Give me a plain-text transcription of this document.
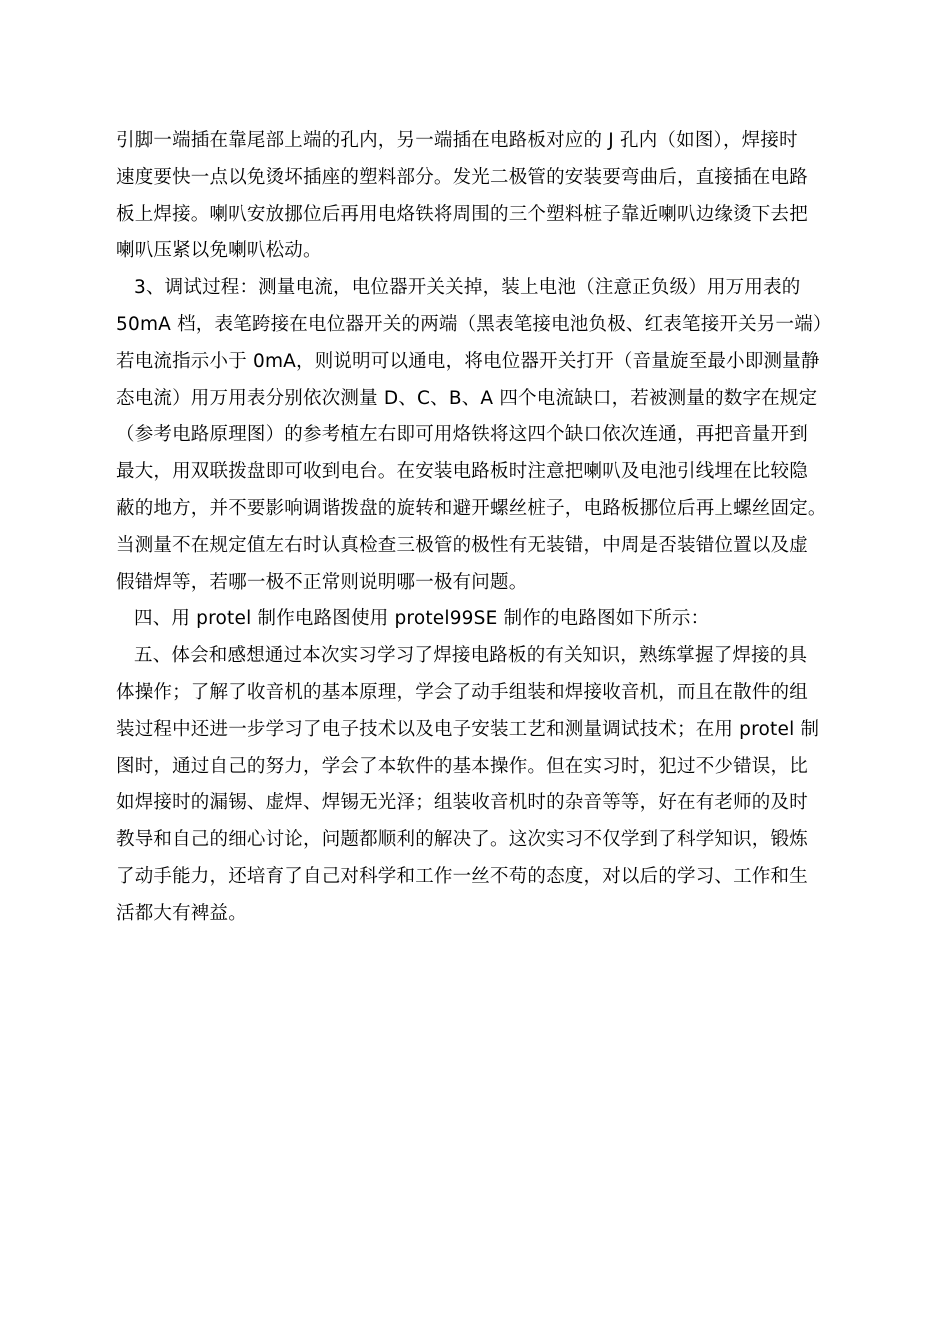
引脚一端插在靠尾部上端的孔内，另一端插在电路板对应的 J 孔内（如图），焊接时
速度要快一点以免烫坏插座的塑料部分。发光二极管的安装要弯曲后，直接插在电路
板上焊接。喇叭安放挪位后再用电烙铁将周围的三个塑料桩子靠近喇叭边缘烫下去把
喇叭压紧以免喇叭松动。
3、调试过程：测量电流，电位器开关关掉，装上电池（注意正负级）用万用表的
50mA 档，表笔跨接在电位器开关的两端（黑表笔接电池负极、红表笔接开关另一端）
若电流指示小于 0mA，则说明可以通电，将电位器开关打开（音量旋至最小即测量静
态电流）用万用表分别依次测量 D、C、B、A 四个电流缺口，若被测量的数字在规定
（参考电路原理图）的参考植左右即可用烙铁将这四个缺口依次连通，再把音量开到
最大，用双联拨盘即可收到电台。在安装电路板时注意把喇叭及电池引线埋在比较隐
蔽的地方，并不要影响调谐拨盘的旋转和避开螺丝桩子，电路板挪位后再上螺丝固定。
当测量不在规定值左右时认真检查三极管的极性有无装错，中周是否装错位置以及虚
假错焊等，若哪一极不正常则说明哪一极有问题。
四、用 protel 制作电路图使用 protel99SE 制作的电路图如下所示：
五、体会和感想通过本次实习学习了焊接电路板的有关知识，熟练掌握了焊接的具
体操作；了解了收音机的基本原理，学会了动手组装和焊接收音机，而且在散件的组
装过程中还进一步学习了电子技术以及电子安装工艺和测量调试技术；在用 protel 制
图时，通过自己的努力，学会了本软件的基本操作。但在实习时，犯过不少错误，比
如焊接时的漏锡、虚焊、焊锡无光泽；组装收音机时的杂音等等，好在有老师的及时
教导和自己的细心讨论，问题都顺利的解决了。这次实习不仅学到了科学知识，锻炼
了动手能力，还培育了自己对科学和工作一丝不苟的态度，对以后的学习、工作和生
活都大有裨益。
